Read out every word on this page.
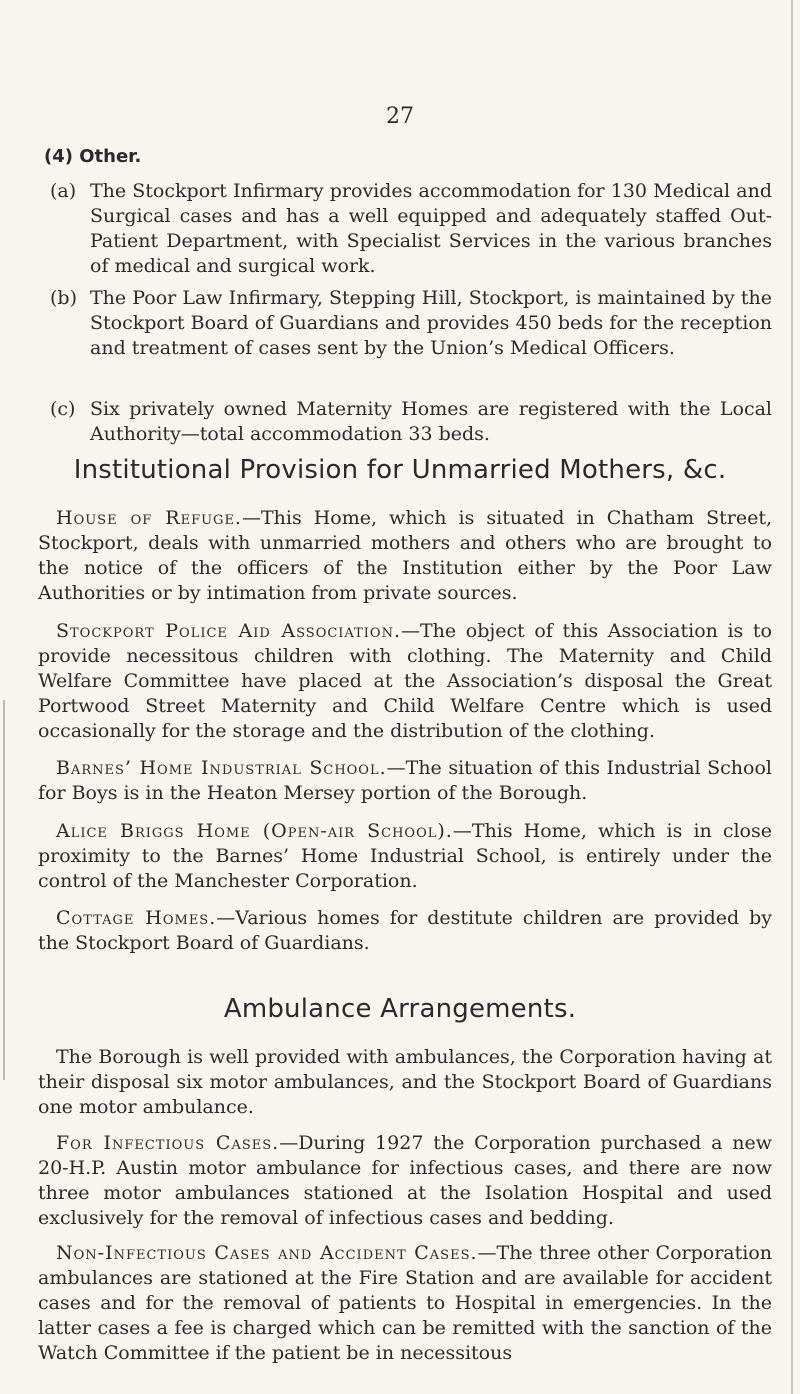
27
(4) Other.
(a) The Stockport Infirmary provides accommodation for 130 Medical and Surgical cases and has a well equipped and adequately staffed Out-Patient Department, with Specialist Services in the various branches of medical and surgical work.
(b) The Poor Law Infirmary, Stepping Hill, Stockport, is maintained by the Stockport Board of Guardians and provides 450 beds for the reception and treatment of cases sent by the Union’s Medical Officers.
(c) Six privately owned Maternity Homes are registered with the Local Authority—total accommodation 33 beds.
Institutional Provision for Unmarried Mothers, &c.
House of Refuge.—This Home, which is situated in Chatham Street, Stockport, deals with unmarried mothers and others who are brought to the notice of the officers of the Institution either by the Poor Law Authorities or by intimation from private sources.
Stockport Police Aid Association.—The object of this Association is to provide necessitous children with clothing. The Maternity and Child Welfare Committee have placed at the Association’s disposal the Great Portwood Street Maternity and Child Welfare Centre which is used occasionally for the storage and the distribution of the clothing.
Barnes’ Home Industrial School.—The situation of this Industrial School for Boys is in the Heaton Mersey portion of the Borough.
Alice Briggs Home (Open-air School).—This Home, which is in close proximity to the Barnes’ Home Industrial School, is entirely under the control of the Manchester Corporation.
Cottage Homes.—Various homes for destitute children are provided by the Stockport Board of Guardians.
Ambulance Arrangements.
The Borough is well provided with ambulances, the Corporation having at their disposal six motor ambulances, and the Stockport Board of Guardians one motor ambulance.
For Infectious Cases.—During 1927 the Corporation purchased a new 20-H.P. Austin motor ambulance for infectious cases, and there are now three motor ambulances stationed at the Isolation Hospital and used exclusively for the removal of infectious cases and bedding.
Non-Infectious Cases and Accident Cases.—The three other Corporation ambulances are stationed at the Fire Station and are available for accident cases and for the removal of patients to Hospital in emergencies. In the latter cases a fee is charged which can be remitted with the sanction of the Watch Committee if the patient be in necessitous
